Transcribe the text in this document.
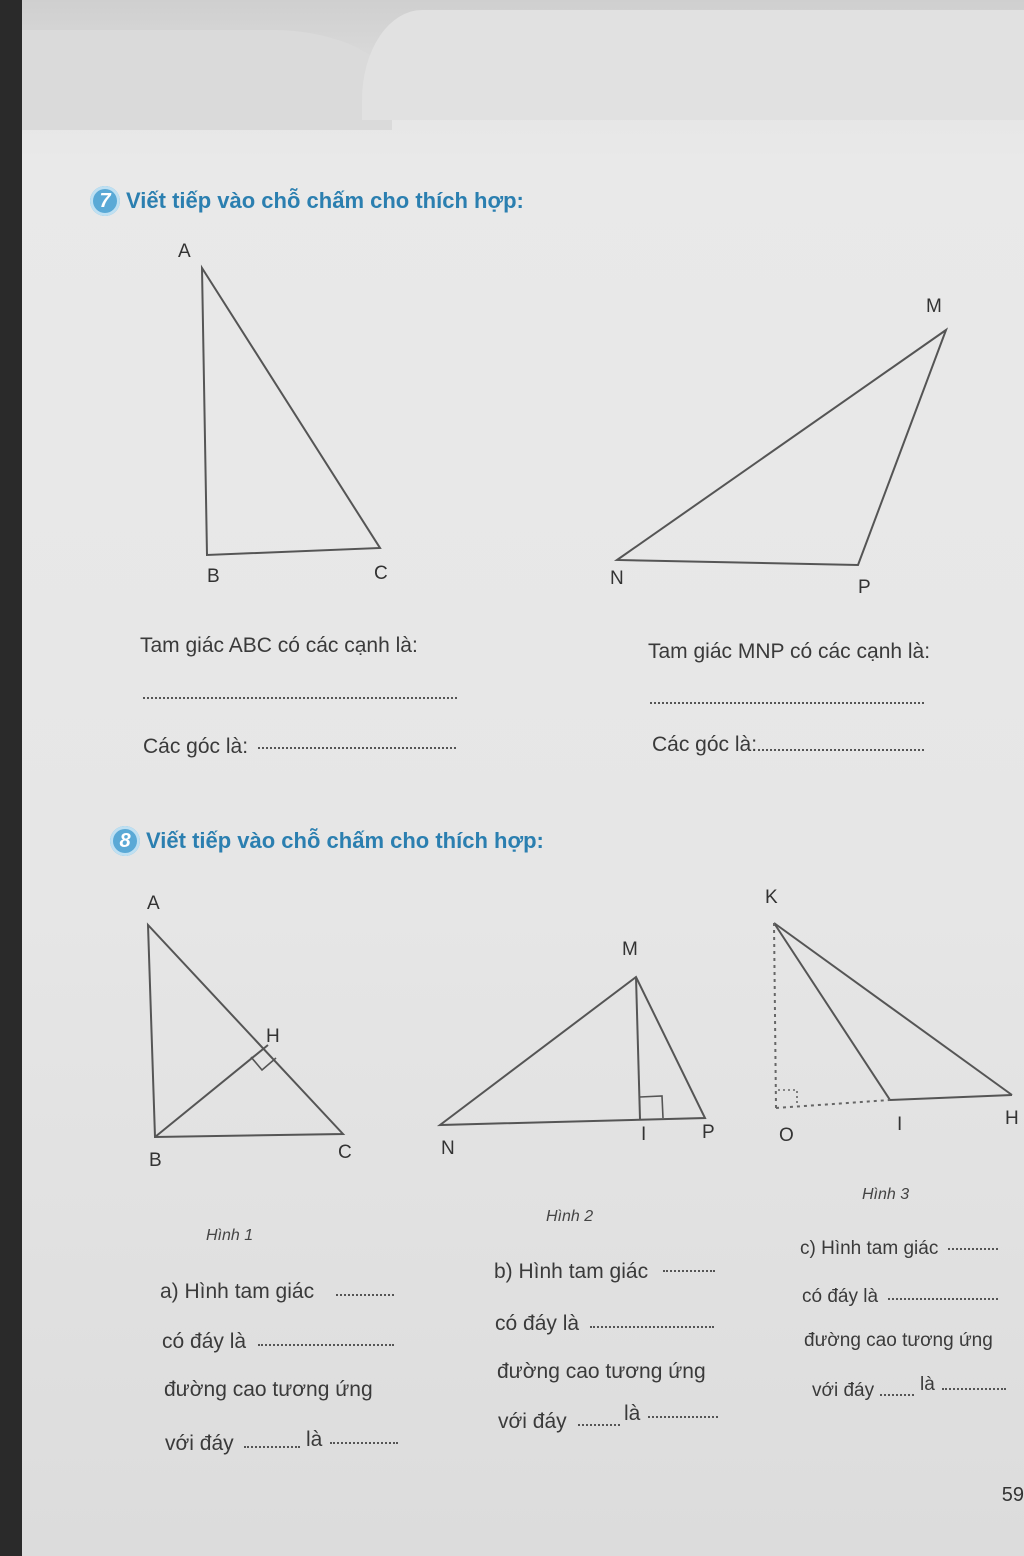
7 Viết tiếp vào chỗ chấm cho thích hợp:
A
B	C
M
N	P
Tam giác ABC có các cạnh là:
Các góc là:
Tam giác MNP có các cạnh là:
Các góc là:
8 Viết tiếp vào chỗ chấm cho thích hợp:
A
H
B	C
M
N
I	P
K
O
I	H
Hình 1
Hình 2
Hình 3
a) Hình tam giác
có đáy là
đường cao tương ứng
với đáy	là
b) Hình tam giác
có đáy là
đường cao tương ứng
với đáy	là
c) Hình tam giác
có đáy là
đường cao tương ứng
với đáy là
59
